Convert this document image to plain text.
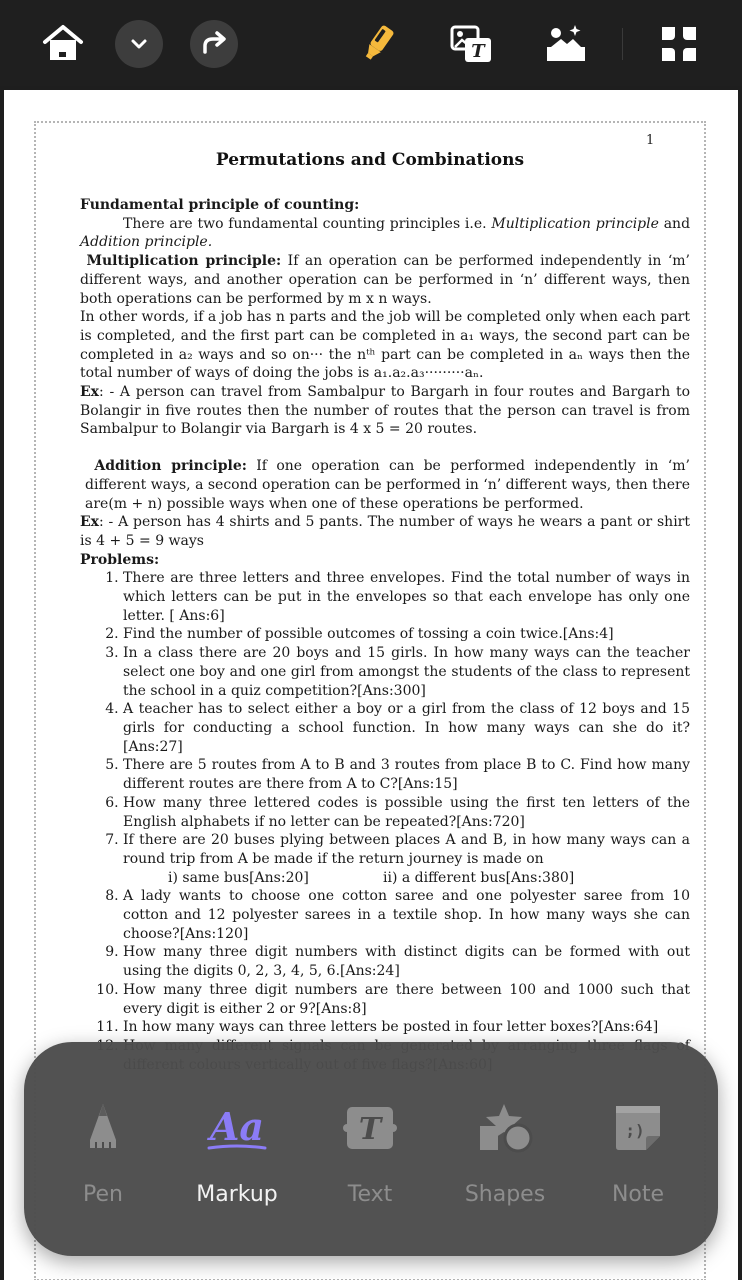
T
1
Permutations and Combinations

Fundamental principle of counting:

There are two fundamental counting principles i.e. Multiplication principle and Addition principle.

Multiplication principle: If an operation can be performed independently in ‘m’ different ways, and another operation can be performed in ‘n’ different ways, then both operations can be performed by m x n ways.

In other words, if a job has n parts and the job will be completed only when each part is completed, and the first part can be completed in a₁ ways, the second part can be completed in a₂ ways and so on··· the nᵗʰ part can be completed in aₙ ways then the total number of ways of doing the jobs is a₁.a₂.a₃·········aₙ.

Ex: - A person can travel from Sambalpur to Bargarh in four routes and Bargarh to Bolangir in five routes then the number of routes that the person can travel is from Sambalpur to Bolangir via Bargarh is 4 x 5 = 20 routes.

Addition principle: If one operation can be performed independently in ‘m’ different ways, a second operation can be performed in ‘n’ different ways, then there are(m + n) possible ways when one of these operations be performed.

Ex: - A person has 4 shirts and 5 pants. The number of ways he wears a pant or shirt is 4 + 5 = 9 ways

Problems:

1. There are three letters and three envelopes. Find the total number of ways in which letters can be put in the envelopes so that each envelope has only one letter. [ Ans:6]
2. Find the number of possible outcomes of tossing a coin twice.[Ans:4]
3. In a class there are 20 boys and 15 girls. In how many ways can the teacher select one boy and one girl from amongst the students of the class to represent the school in a quiz competition?[Ans:300]
4. A teacher has to select either a boy or a girl from the class of 12 boys and 15 girls for conducting a school function. In how many ways can she do it?[Ans:27]
5. There are 5 routes from A to B and 3 routes from place B to C. Find how many different routes are there from A to C?[Ans:15]
6. How many three lettered codes is possible using the first ten letters of the English alphabets if no letter can be repeated?[Ans:720]
7. If there are 20 buses plying between places A and B, in how many ways can a round trip from A be made if the return journey is made on
i) same bus[Ans:20]	ii) a different bus[Ans:380]
8. A lady wants to choose one cotton saree and one polyester saree from 10 cotton and 12 polyester sarees in a textile shop. In how many ways she can choose?[Ans:120]
9. How many three digit numbers with distinct digits can be formed with out using the digits 0, 2, 3, 4, 5, 6.[Ans:24]
10. How many three digit numbers are there between 100 and 1000 such that every digit is either 2 or 9?[Ans:8]
11. In how many ways can three letters be posted in four letter boxes?[Ans:64]
12.
Pen
Aa
Markup
T
Text	Shapes
;)
Note
